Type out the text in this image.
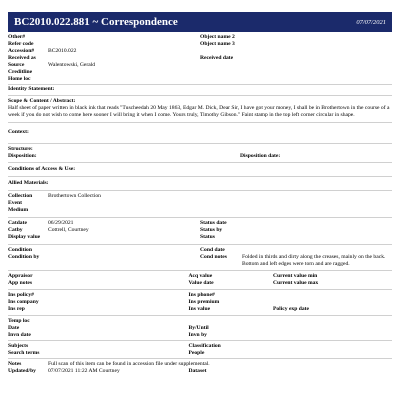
BC2010.022.881 ~ Correspondence	07/07/2021
Other#	Object name 2
Refer code	Object name 3
Accession#	BC2010.022
Received as	Received date
Source	Walentowski, Gerald
Creditline
Home loc
Identity Statement:
Scope & Content / Abstract:
Half sheet of paper written in black ink that reads "Tuscheedah 20 May 1863, Edgar M. Dick, Dear Sir, I have got your money, I shall be in Brothertown in the course of a week if you do not wish to come here sooner I will bring it when I come. Yours truly, Timothy Gibson." Faint stamp in the top left corner circular in shape.
Context:
Structure:
Disposition:	Disposition date:
Conditions of Access & Use:
Allied Materials:
Collection	Brothertown Collection
Event
Medium
Catdate	06/29/2021	Status date
Catby	Cottrell, Courtney	Status by
Display value	Status
Condition	Cond date
Condition by	Cond notes	Folded in thirds and dirty along the creases, mainly on the back. Bottom and left edges were torn and are ragged.
Appraisor	Acq value	Current value min
App notes	Value date	Current value max
Ins policy#	Ins phone#
Ins company	Ins premium
Ins rep	Ins value	Policy exp date
Temp loc
Date	By/Until
Invn date	Invn by
Subjects	Classification
Search terms	People
Notes	Full scan of this item can be found in accession file under supplemental.
Updated/by	07/07/2021 11:22 AM Courtney	Dataset
